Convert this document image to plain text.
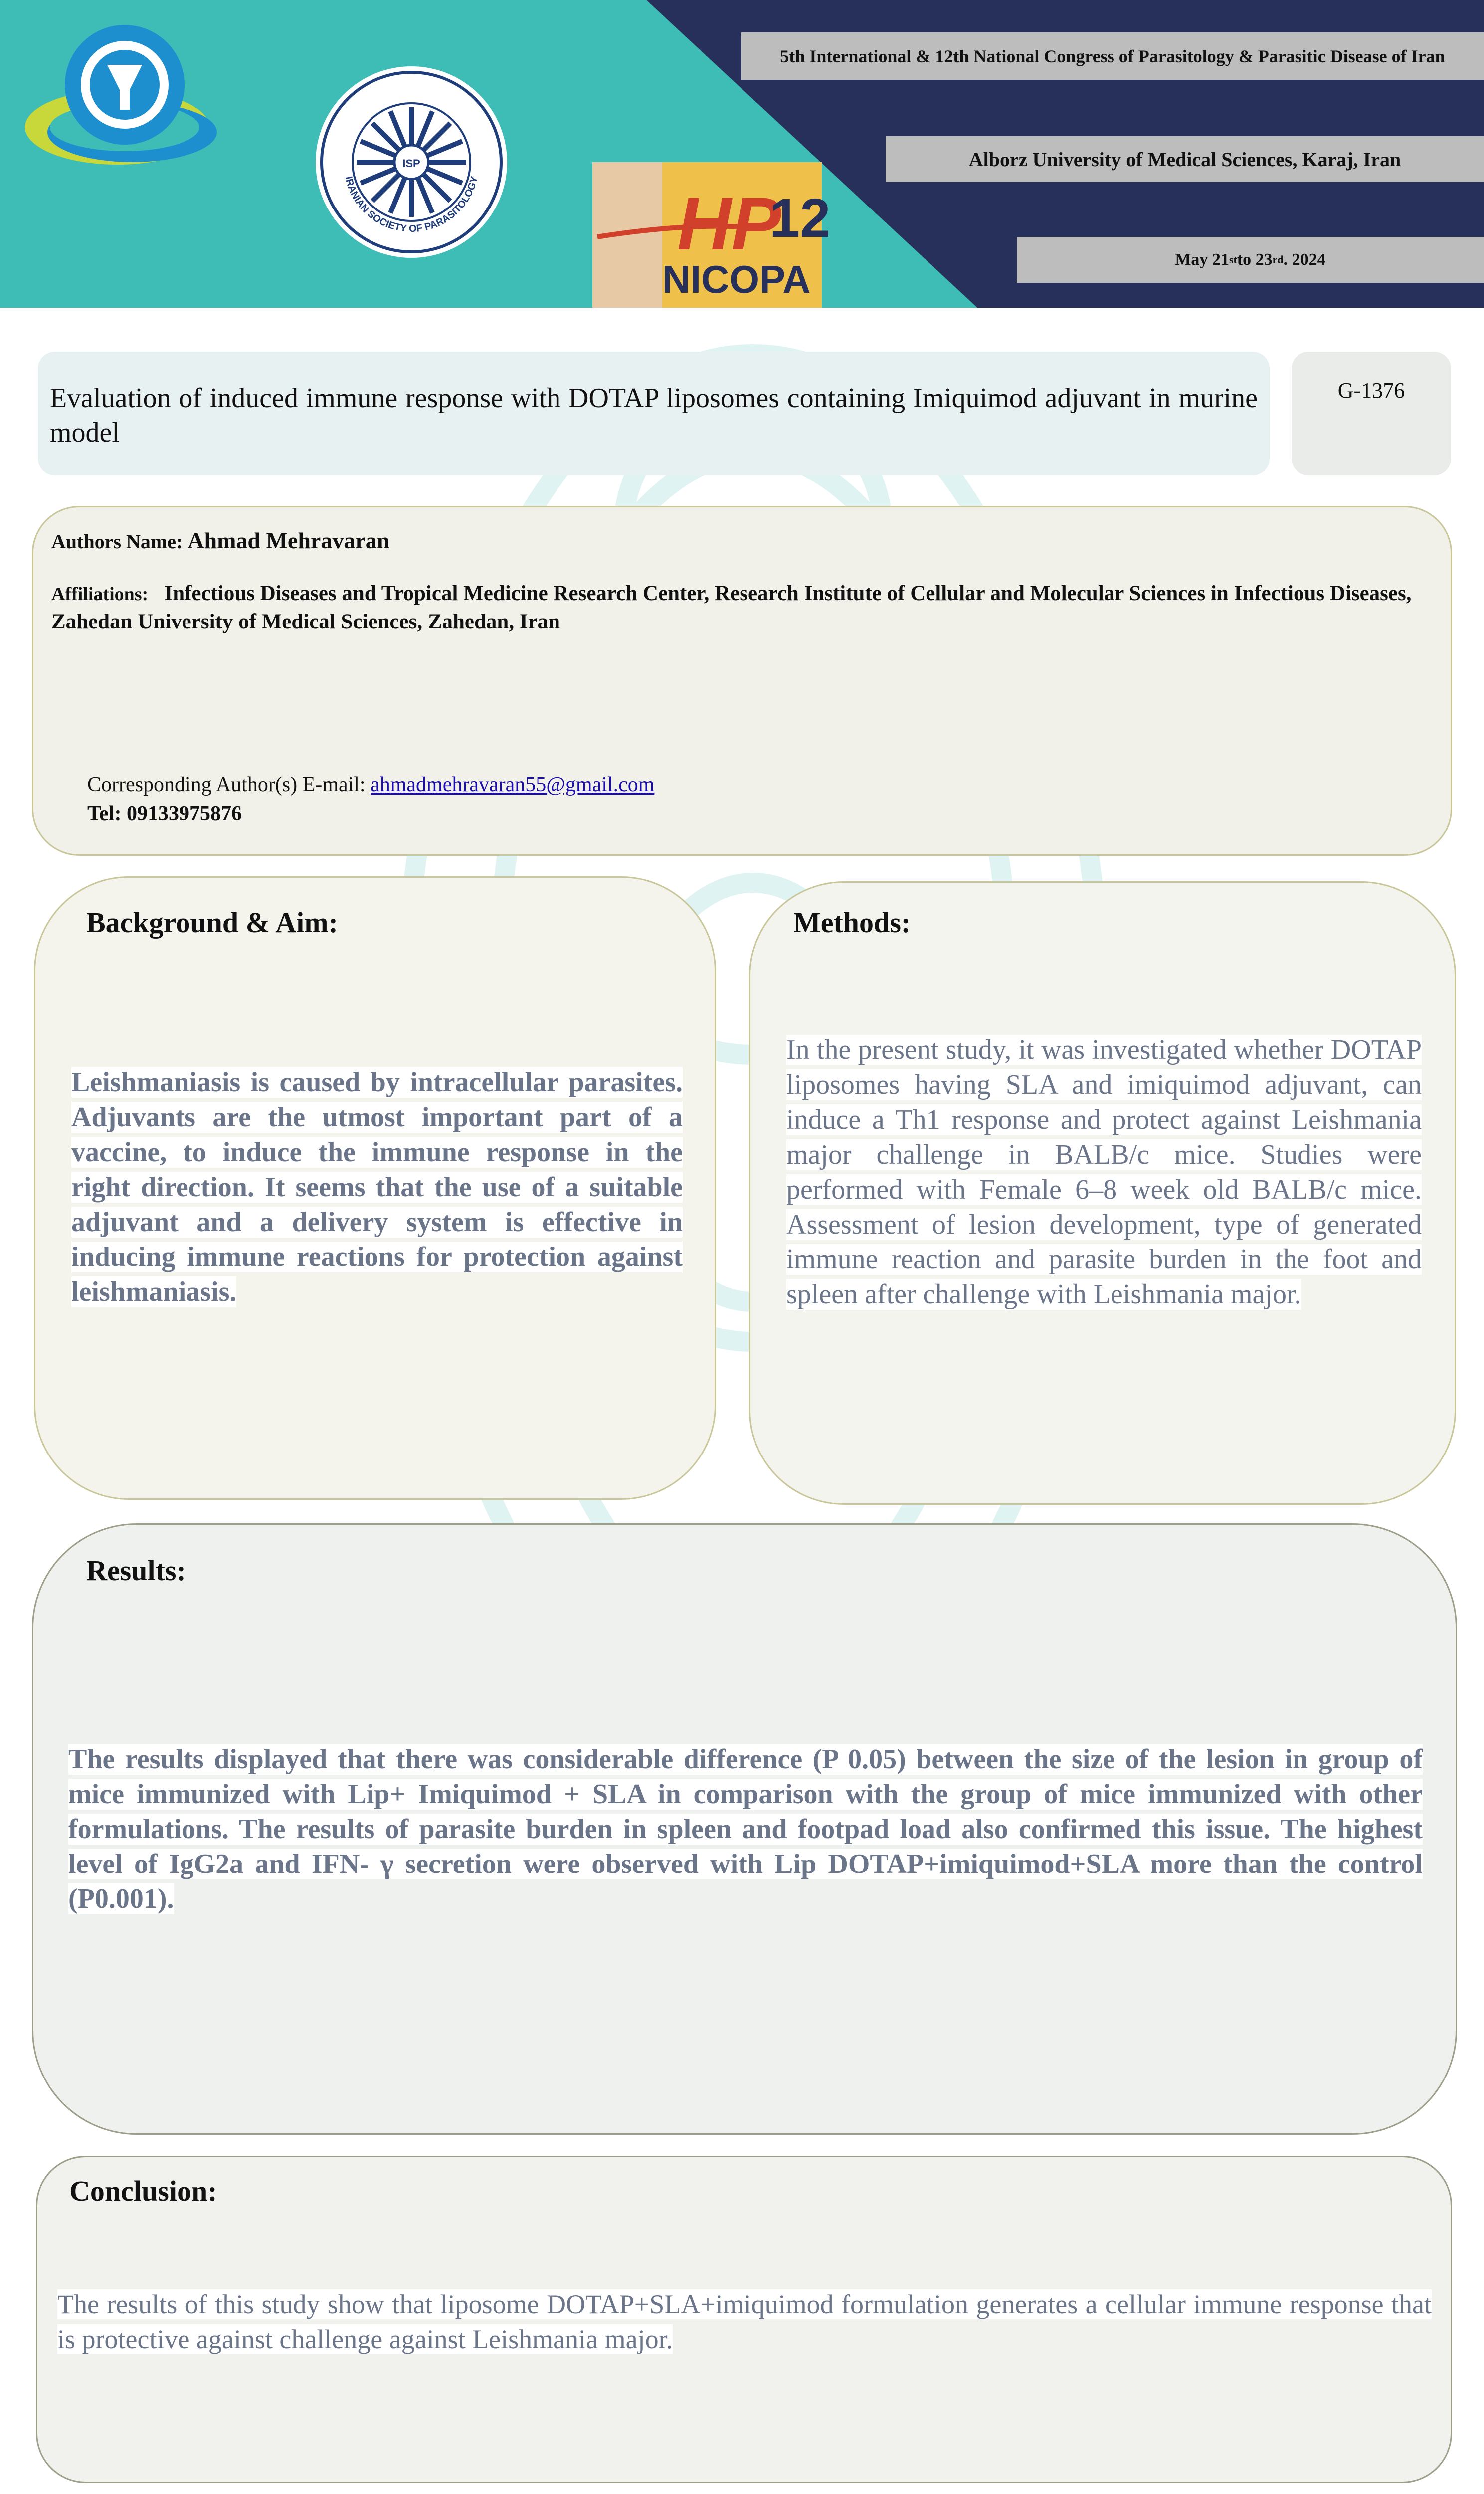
ISP
IRANIAN SOCIETY OF PARASITOLOGY
HP
12
NICOPA
5th International & 12th National Congress of Parasitology & Parasitic Disease of Iran
Alborz University of Medical Sciences, Karaj, Iran
May 21 st to 23 rd . 2024
Evaluation of induced immune response with DOTAP liposomes containing Imiquimod adjuvant in murine model
G-1376
Authors Name: Ahmad Mehravaran
Affiliations: Infectious Diseases and Tropical Medicine Research Center, Research Institute of Cellular and Molecular Sciences in Infectious Diseases, Zahedan University of Medical Sciences, Zahedan, Iran
Corresponding Author(s) E-mail: ahmadmehravaran55@gmail.com
Tel: 09133975876
Background & Aim:
Leishmaniasis is caused by intracellular parasites. Adjuvants are the utmost important part of a vaccine, to induce the immune response in the right direction. It seems that the use of a suitable adjuvant and a delivery system is effective in inducing immune reactions for protection against leishmaniasis.
Methods:
In the present study, it was investigated whether DOTAP liposomes having SLA and imiquimod adjuvant, can induce a Th1 response and protect against Leishmania major challenge in BALB/c mice. Studies were performed with Female 6–8 week old BALB/c mice. Assessment of lesion development, type of generated immune reaction and parasite burden in the foot and spleen after challenge with Leishmania major.
Results:
The results displayed that there was considerable difference (P 0.05) between the size of the lesion in group of mice immunized with Lip+ Imiquimod + SLA in comparison with the group of mice immunized with other formulations. The results of parasite burden in spleen and footpad load also confirmed this issue. The highest level of IgG2a and IFN- γ secretion were observed with Lip DOTAP+imiquimod+SLA more than the control (P0.001).
Conclusion:
The results of this study show that liposome DOTAP+SLA+imiquimod formulation generates a cellular immune response that is protective against challenge against Leishmania major.
